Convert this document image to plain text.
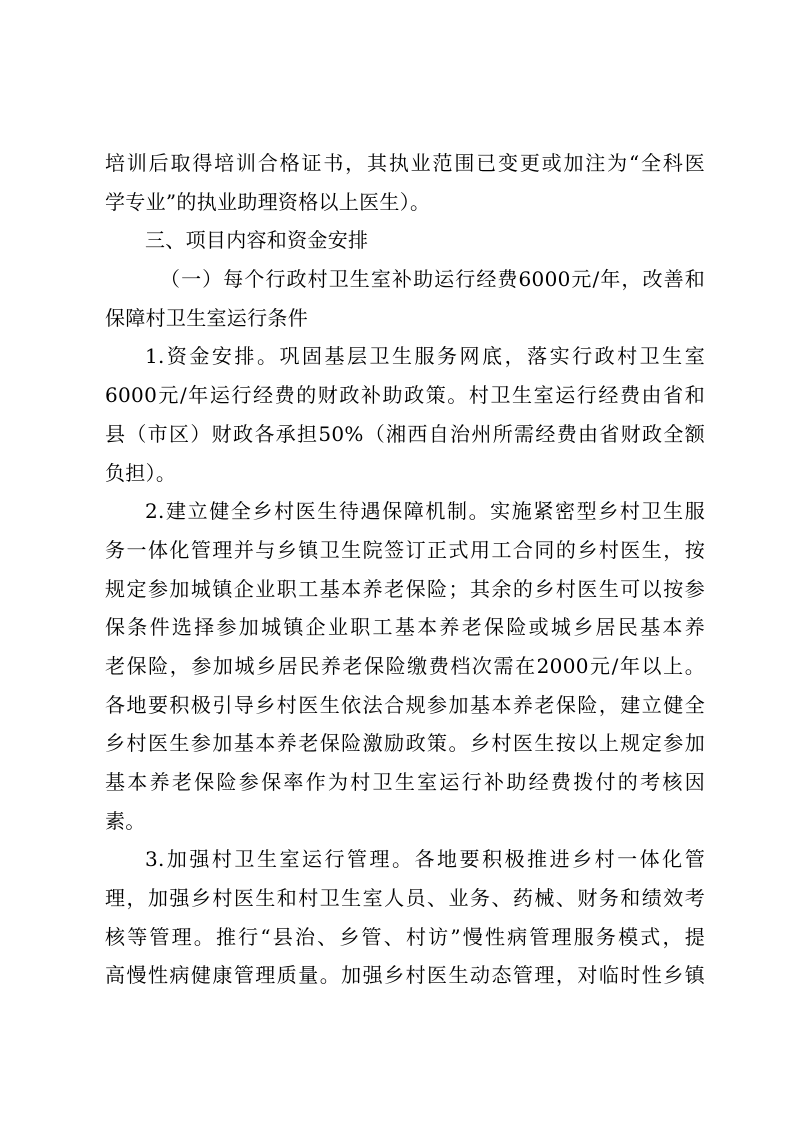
培训后取得培训合格证书，其执业范围已变更或加注为“全科医
学专业”的执业助理资格以上医生）。
三、项目内容和资金安排
（一）每个行政村卫生室补助运行经费6000元/年，改善和
保障村卫生室运行条件
1.资金安排。巩固基层卫生服务网底，落实行政村卫生室
6000元/年运行经费的财政补助政策。村卫生室运行经费由省和
县（市区）财政各承担50%（湘西自治州所需经费由省财政全额
负担）。
2.建立健全乡村医生待遇保障机制。实施紧密型乡村卫生服
务一体化管理并与乡镇卫生院签订正式用工合同的乡村医生，按
规定参加城镇企业职工基本养老保险；其余的乡村医生可以按参
保条件选择参加城镇企业职工基本养老保险或城乡居民基本养
老保险，参加城乡居民养老保险缴费档次需在2000元/年以上。
各地要积极引导乡村医生依法合规参加基本养老保险，建立健全
乡村医生参加基本养老保险激励政策。乡村医生按以上规定参加
基本养老保险参保率作为村卫生室运行补助经费拨付的考核因
素。
3.加强村卫生室运行管理。各地要积极推进乡村一体化管
理，加强乡村医生和村卫生室人员、业务、药械、财务和绩效考
核等管理。推行“县治、乡管、村访”慢性病管理服务模式，提
高慢性病健康管理质量。加强乡村医生动态管理，对临时性乡镇
